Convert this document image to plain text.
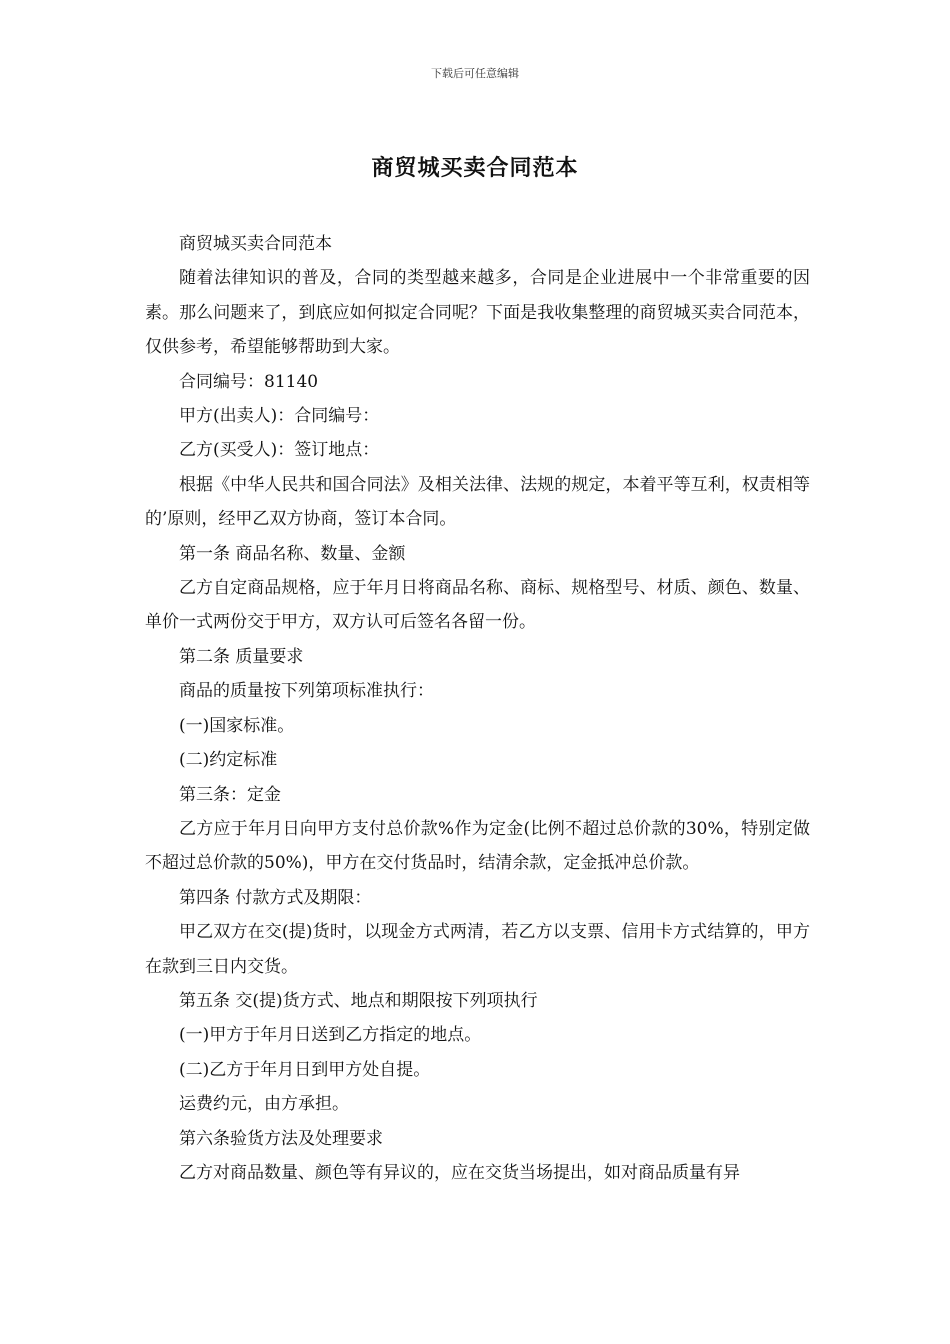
下载后可任意编辑
商贸城买卖合同范本

商贸城买卖合同范本

随着法律知识的普及，合同的类型越来越多，合同是企业进展中一个非常重要的因素。那么问题来了，到底应如何拟定合同呢？下面是我收集整理的商贸城买卖合同范本，仅供参考，希望能够帮助到大家。

合同编号：81140

甲方(出卖人)：合同编号：

乙方(买受人)：签订地点：

根据《中华人民共和国合同法》及相关法律、法规的规定，本着平等互利，权责相等的’原则，经甲乙双方协商，签订本合同。

第一条 商品名称、数量、金额

乙方自定商品规格，应于年月日将商品名称、商标、规格型号、材质、颜色、数量、单价一式两份交于甲方，双方认可后签名各留一份。

第二条 质量要求

商品的质量按下列第项标准执行：

(一)国家标准。

(二)约定标准

第三条：定金

乙方应于年月日向甲方支付总价款%作为定金(比例不超过总价款的30%，特别定做不超过总价款的50%)，甲方在交付货品时，结清余款，定金抵冲总价款。

第四条 付款方式及期限：

甲乙双方在交(提)货时，以现金方式两清，若乙方以支票、信用卡方式结算的，甲方在款到三日内交货。

第五条 交(提)货方式、地点和期限按下列项执行

(一)甲方于年月日送到乙方指定的地点。

(二)乙方于年月日到甲方处自提。

运费约元，由方承担。

第六条验货方法及处理要求

乙方对商品数量、颜色等有异议的，应在交货当场提出，如对商品质量有异
